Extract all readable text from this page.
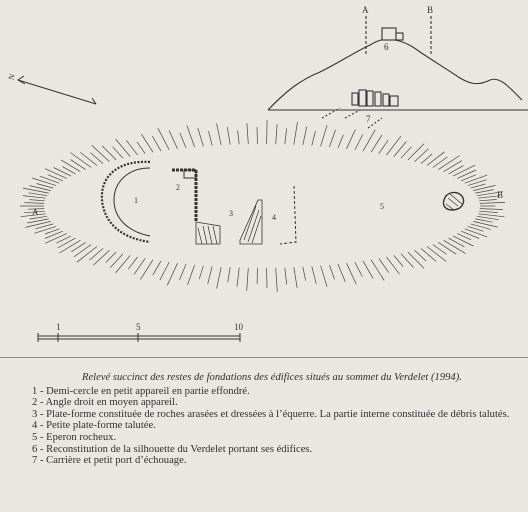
A	B
6
7
N
A
B
1
2
3	4
5
1	5	10

Relevé succinct des restes de fondations des édifices situés au sommet du Verdelet (1994).

1 - Demi-cercle en petit appareil en partie effondré.

2 - Angle droit en moyen appareil.

3 - Plate-forme constituée de roches arasées et dressées à l’équerre. La partie interne constituée de débris talutés.

4 - Petite plate-forme talutée.

5 - Eperon rocheux.

6 - Reconstitution de la silhouette du Verdelet portant ses édifices.

7 - Carrière et petit port d’échouage.
